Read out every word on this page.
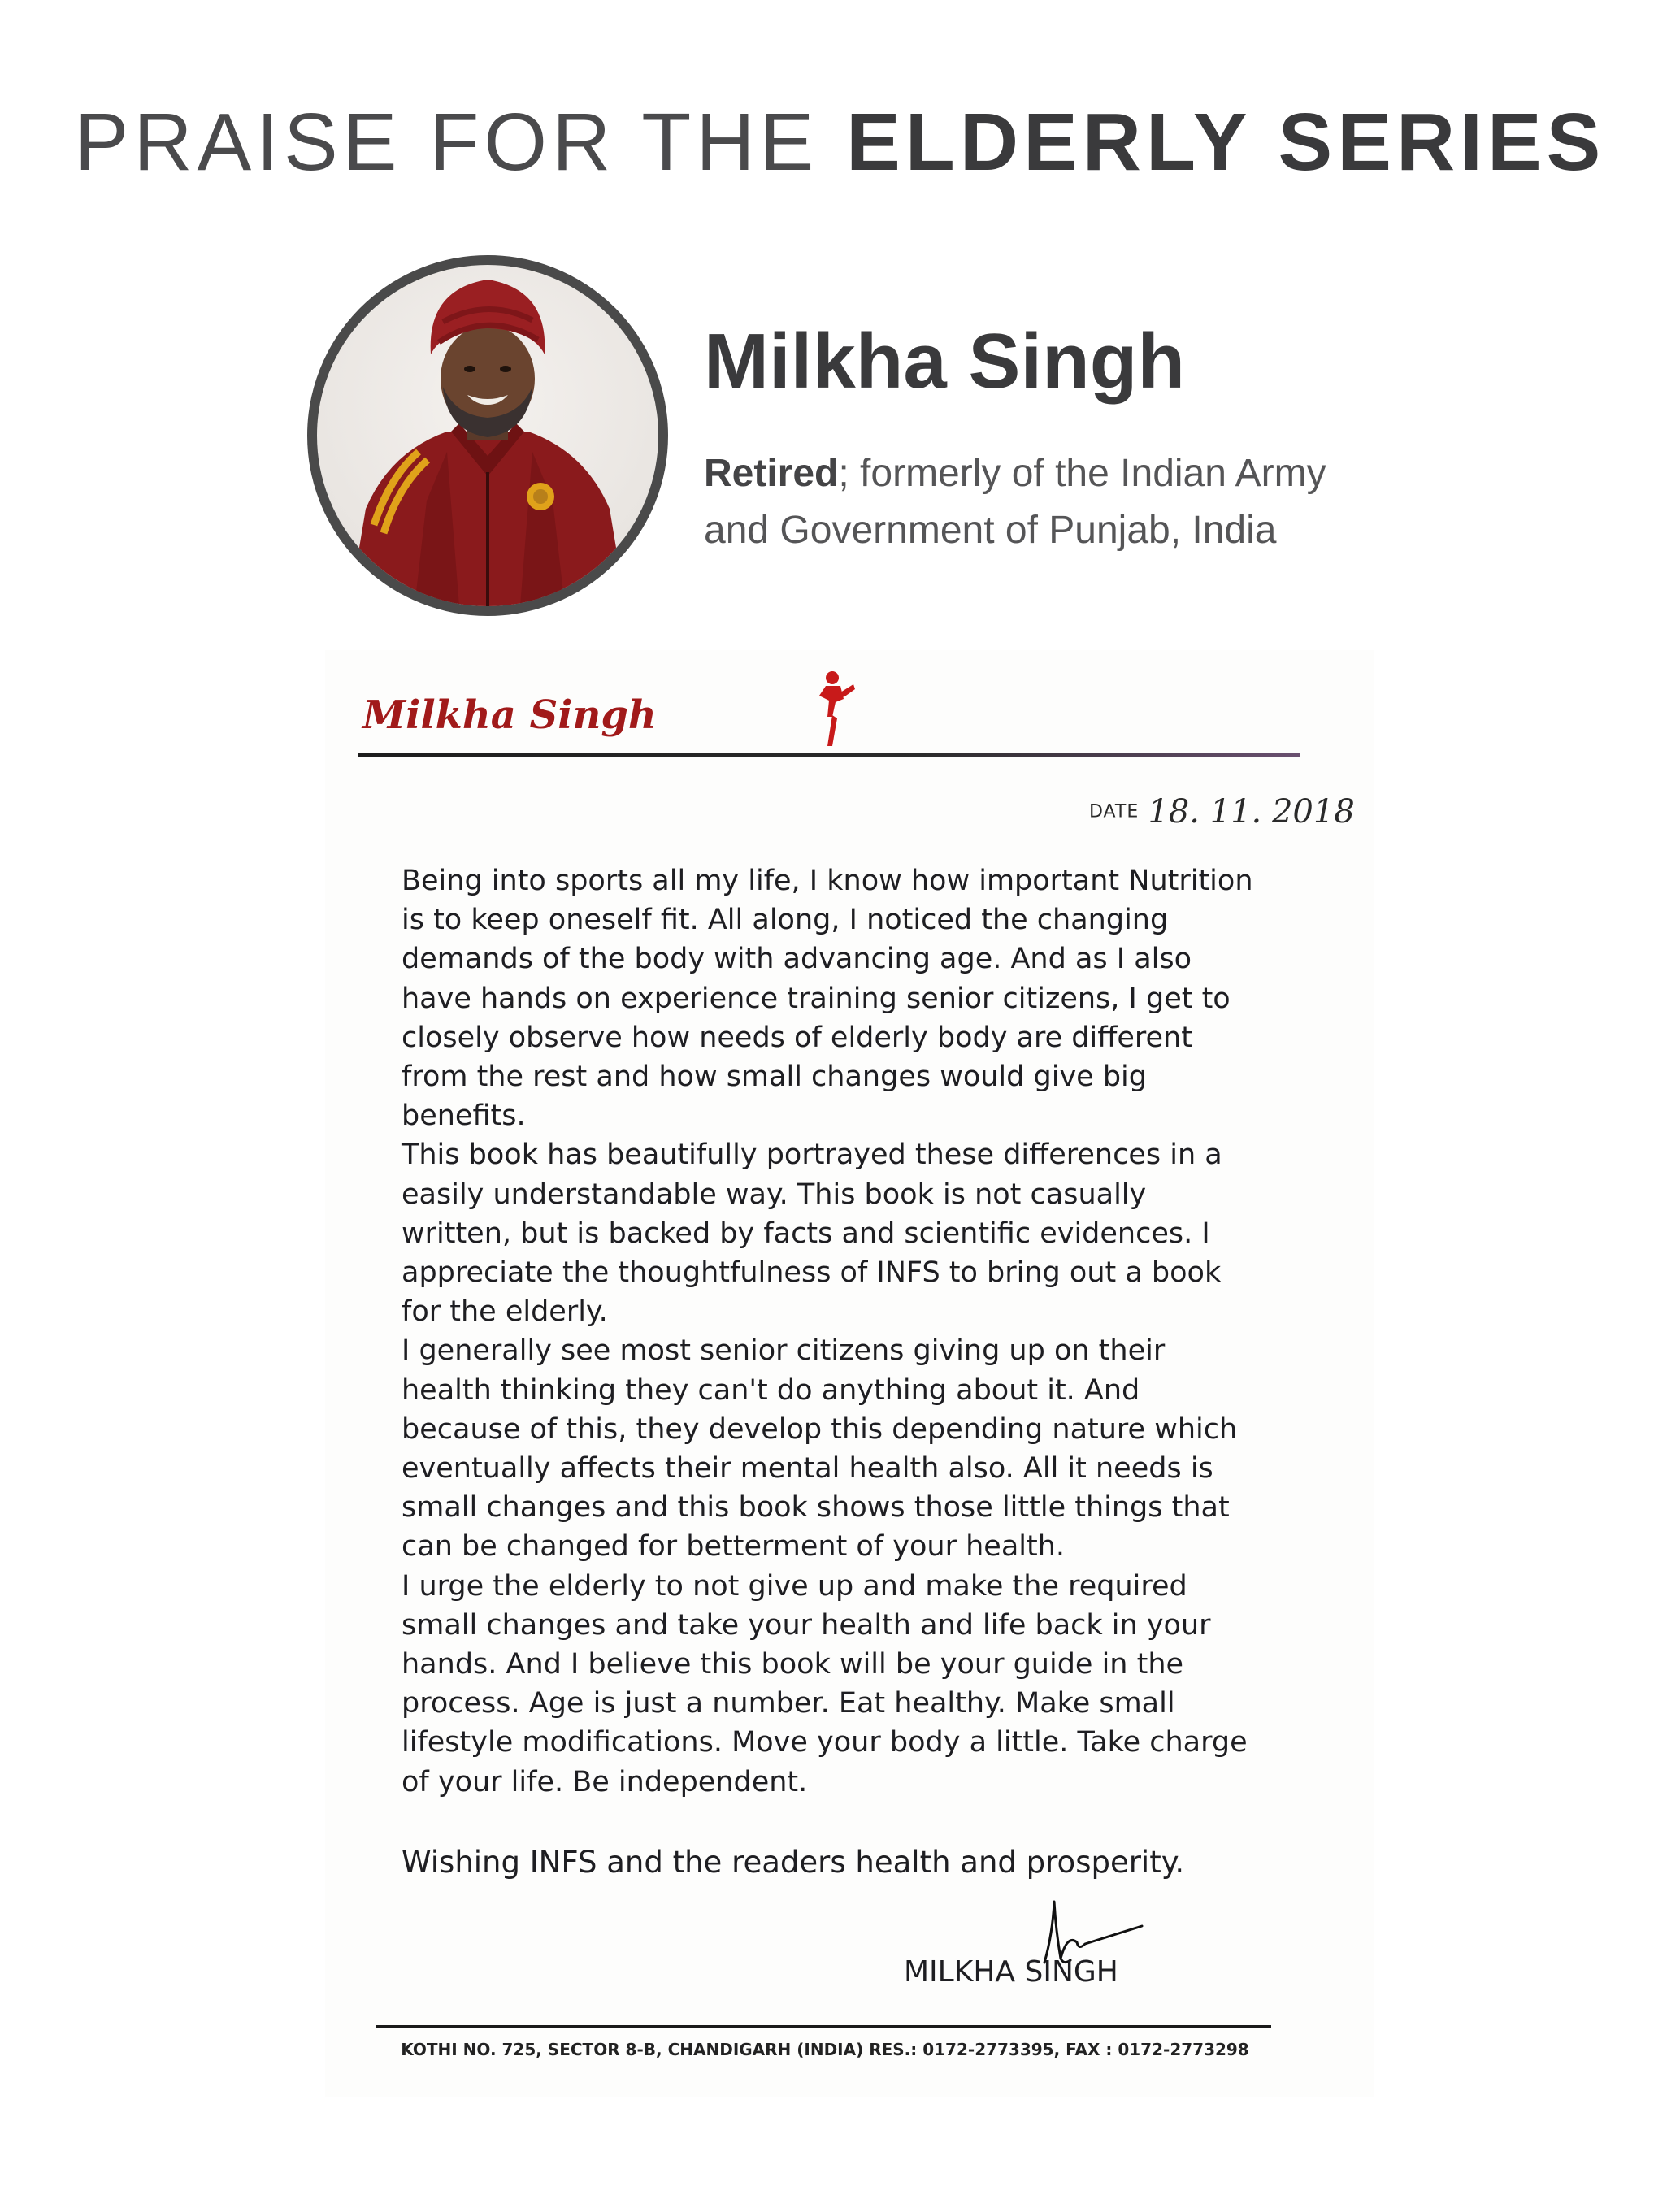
PRAISE FOR THE ELDERLY SERIES
Milkha Singh
Retired; formerly of the Indian Army
and Government of Punjab, India
Milkha Singh
DATE 18. 11. 2018

Being into sports all my life, I know how important Nutrition

is to keep oneself fit. All along, I noticed the changing

demands of the body with advancing age. And as I also

have hands on experience training senior citizens, I get to

closely observe how needs of elderly body are different

from the rest and how small changes would give big

benefits.

This book has beautifully portrayed these differences in a

easily understandable way. This book is not casually

written, but is backed by facts and scientific evidences. I

appreciate the thoughtfulness of INFS to bring out a book

for the elderly.

I generally see most senior citizens giving up on their

health thinking they can't do anything about it. And

because of this, they develop this depending nature which

eventually affects their mental health also. All it needs is

small changes and this book shows those little things that

can be changed for betterment of your health.

I urge the elderly to not give up and make the required

small changes and take your health and life back in your

hands. And I believe this book will be your guide in the

process. Age is just a number. Eat healthy. Make small

lifestyle modifications. Move your body a little. Take charge

of your life. Be independent.

Wishing INFS and the readers health and prosperity.
MILKHA SINGH
KOTHI NO. 725, SECTOR 8-B, CHANDIGARH (INDIA) RES.: 0172-2773395, FAX : 0172-2773298
